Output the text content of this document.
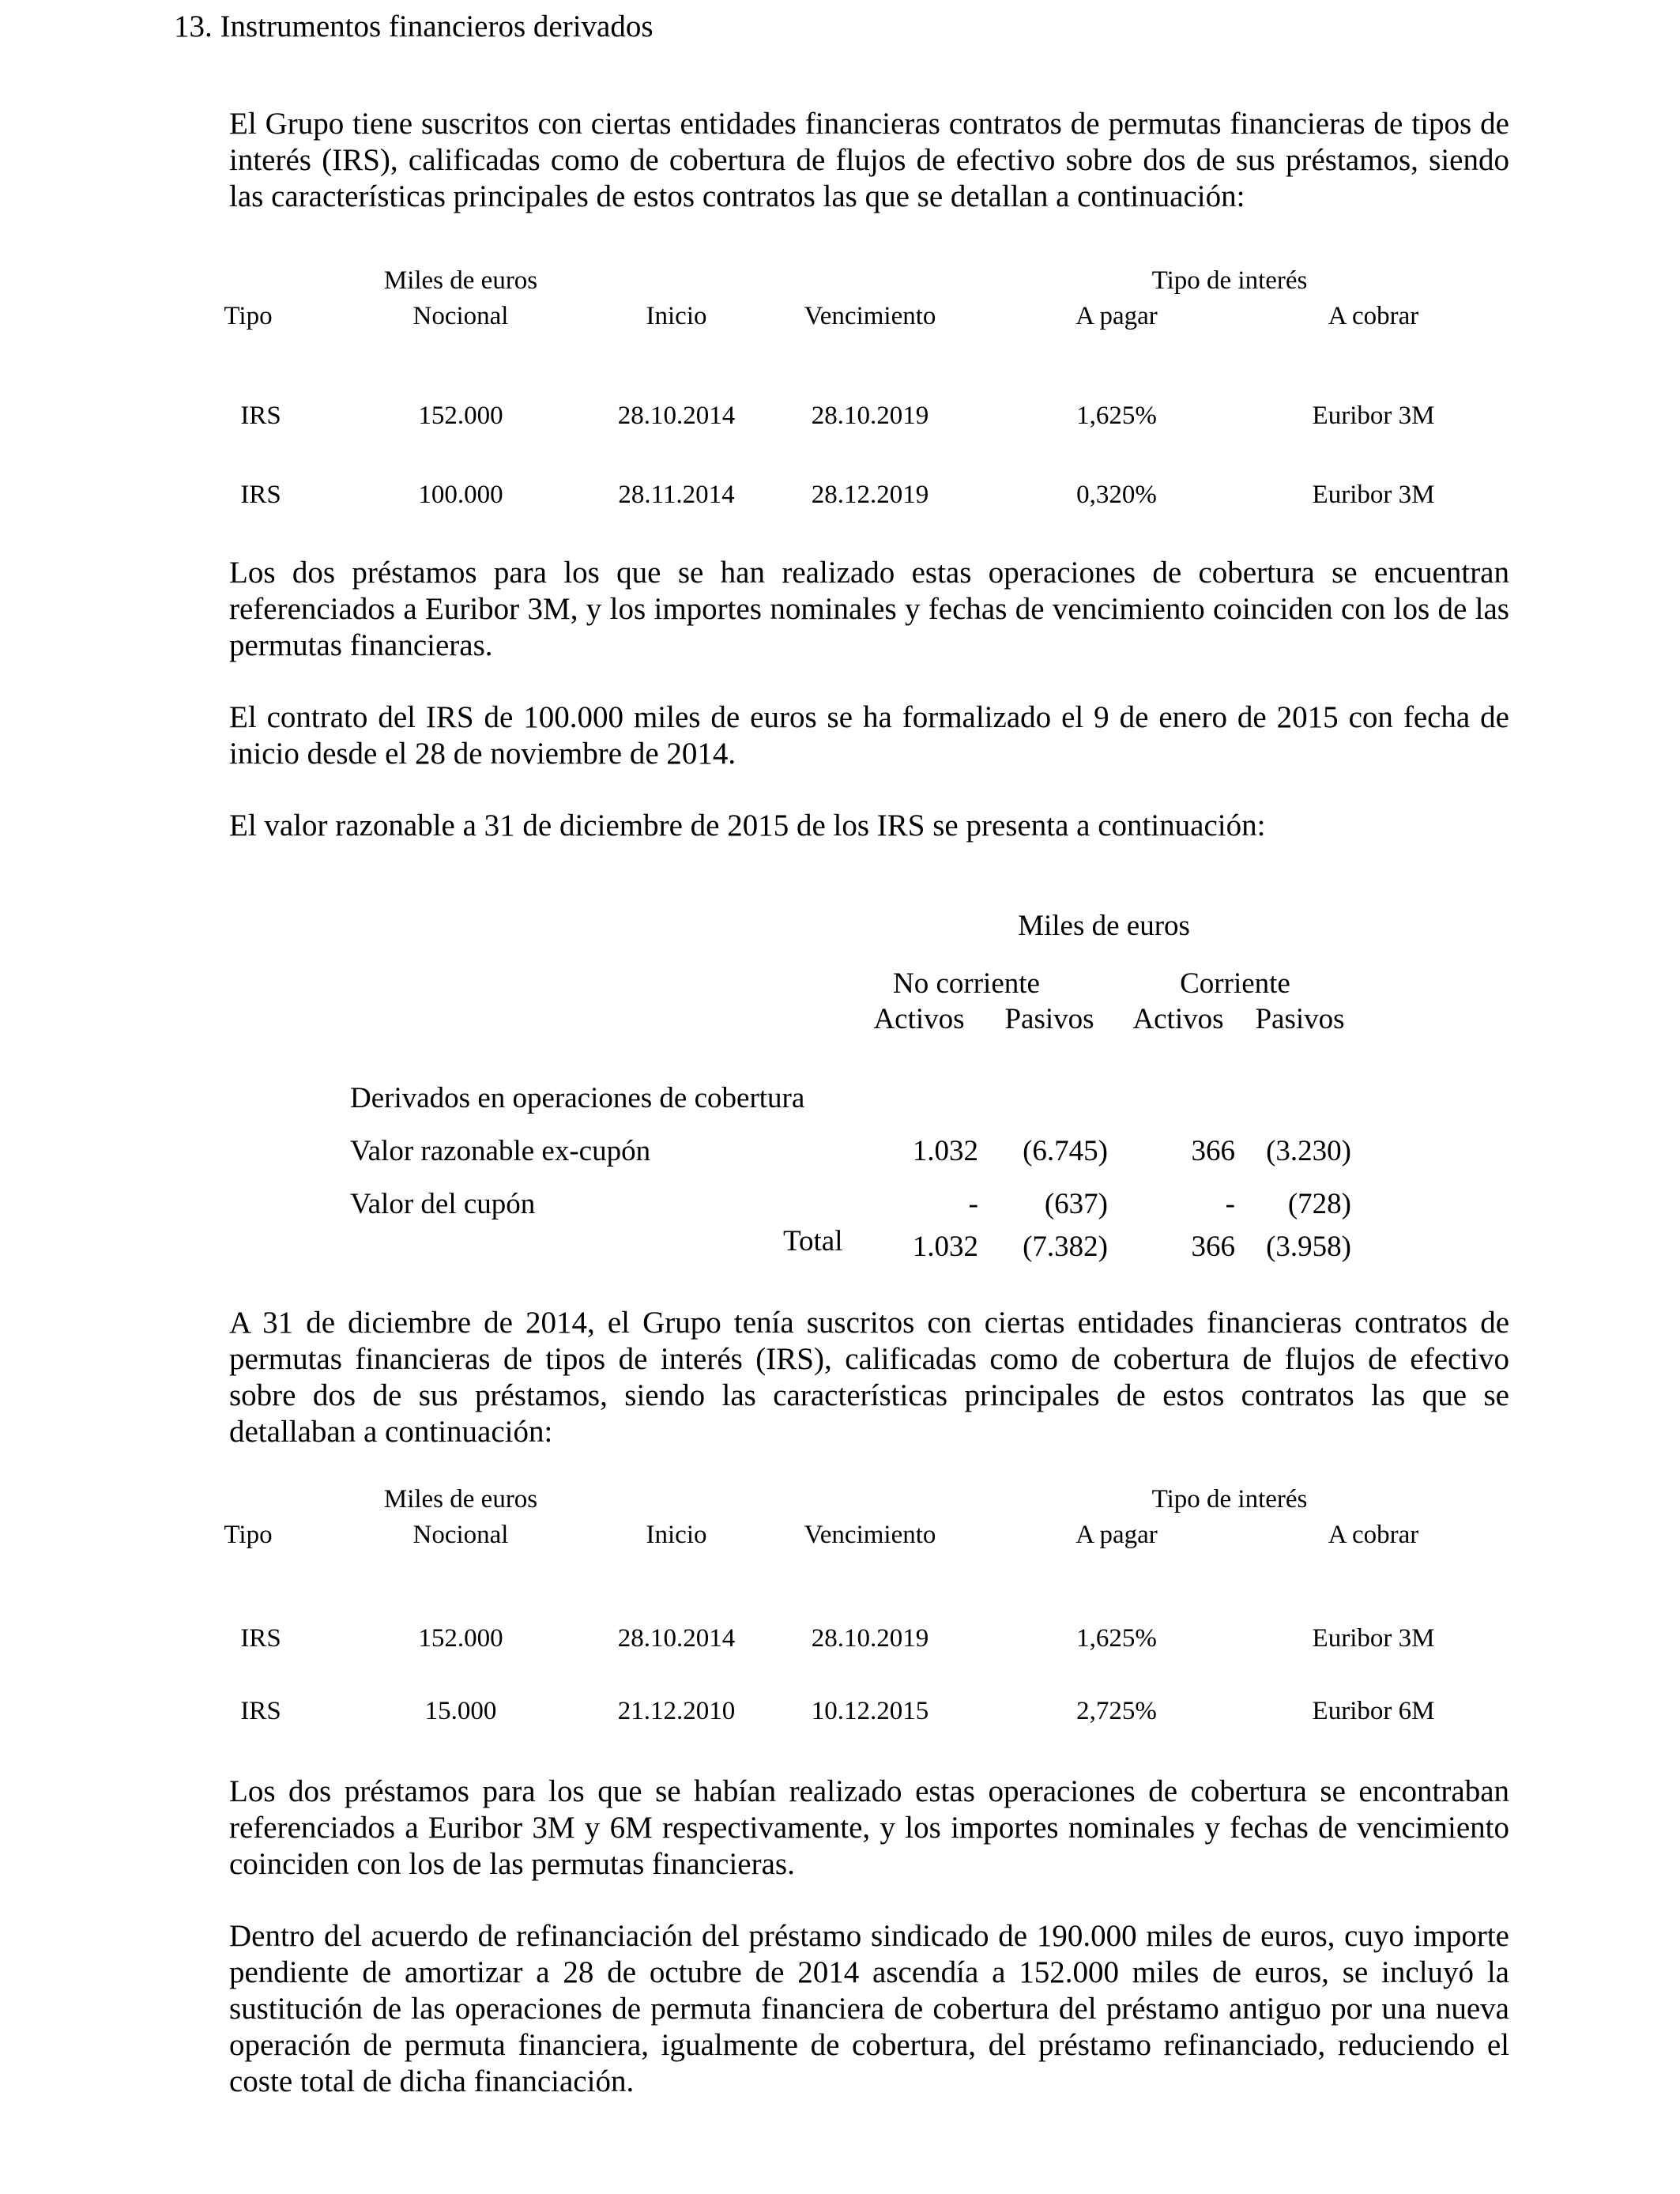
13. Instrumentos financieros derivados

El Grupo tiene suscritos con ciertas entidades financieras contratos de permutas financieras de tipos de interés (IRS), calificadas como de cobertura de flujos de efectivo sobre dos de sus préstamos, siendo las características principales de estos contratos las que se detallan a continuación:

Miles de euros	Tipo de interés
Tipo	Nocional	Inicio	Vencimiento	A pagar	A cobrar
IRS	152.000	28.10.2014	28.10.2019	1,625%	Euribor 3M
IRS	100.000	28.11.2014	28.12.2019	0,320%	Euribor 3M

Los dos préstamos para los que se han realizado estas operaciones de cobertura se encuentran referenciados a Euribor 3M, y los importes nominales y fechas de vencimiento coinciden con los de las permutas financieras.

El contrato del IRS de 100.000 miles de euros se ha formalizado el 9 de enero de 2015 con fecha de inicio desde el 28 de noviembre de 2014.

El valor razonable a 31 de diciembre de 2015 de los IRS se presenta a continuación:

Miles de euros
No corriente	Corriente
Activos Pasivos Activos Pasivos
Derivados en operaciones de cobertura
Valor razonable ex-cupón	1.032 (6.745)	366 (3.230)
Valor del cupón	- (637)	- (728)
Total 1.032 (7.382)	366 (3.958)

A 31 de diciembre de 2014, el Grupo tenía suscritos con ciertas entidades financieras contratos de permutas financieras de tipos de interés (IRS), calificadas como de cobertura de flujos de efectivo sobre dos de sus préstamos, siendo las características principales de estos contratos las que se detallaban a continuación:

Miles de euros	Tipo de interés
Tipo	Nocional	Inicio	Vencimiento	A pagar	A cobrar
IRS	152.000	28.10.2014	28.10.2019	1,625%	Euribor 3M
IRS	15.000	21.12.2010	10.12.2015	2,725%	Euribor 6M

Los dos préstamos para los que se habían realizado estas operaciones de cobertura se encontraban referenciados a Euribor 3M y 6M respectivamente, y los importes nominales y fechas de vencimiento coinciden con los de las permutas financieras.

Dentro del acuerdo de refinanciación del préstamo sindicado de 190.000 miles de euros, cuyo importe pendiente de amortizar a 28 de octubre de 2014 ascendía a 152.000 miles de euros, se incluyó la sustitución de las operaciones de permuta financiera de cobertura del préstamo antiguo por una nueva operación de permuta financiera, igualmente de cobertura, del préstamo refinanciado, reduciendo el coste total de dicha financiación.
